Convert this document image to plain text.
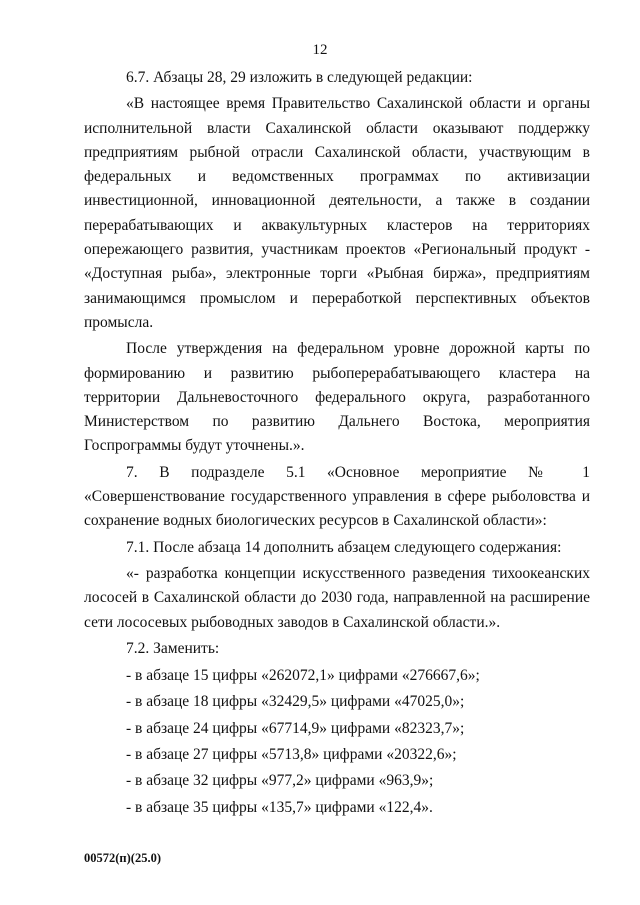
12

6.7. Абзацы 28, 29 изложить в следующей редакции:

«В настоящее время Правительство Сахалинской области и органы исполнительной власти Сахалинской области оказывают поддержку предприятиям рыбной отрасли Сахалинской области, участвующим в федеральных и ведомственных программах по активизации инвестиционной, инновационной деятельности, а также в создании перерабатывающих и аквакультурных кластеров на территориях опережающего развития, участникам проектов «Региональный продукт - «Доступная рыба», электронные торги «Рыбная биржа», предприятиям занимающимся промыслом и переработкой перспективных объектов промысла.

После утверждения на федеральном уровне дорожной карты по формированию и развитию рыбоперерабатывающего кластера на территории Дальневосточного федерального округа, разработанного Министерством по развитию Дальнего Востока, мероприятия Госпрограммы будут уточнены.».

7. В подразделе 5.1 «Основное мероприятие № 1 «Совершенствование государственного управления в сфере рыболовства и сохранение водных биологических ресурсов в Сахалинской области»:

7.1. После абзаца 14 дополнить абзацем следующего содержания:

«- разработка концепции искусственного разведения тихоокеанских лососей в Сахалинской области до 2030 года, направленной на расширение сети лососевых рыбоводных заводов в Сахалинской области.».

7.2. Заменить:

- в абзаце 15 цифры «262072,1» цифрами «276667,6»;

- в абзаце 18 цифры «32429,5» цифрами «47025,0»;

- в абзаце 24 цифры «67714,9» цифрами «82323,7»;

- в абзаце 27 цифры «5713,8» цифрами «20322,6»;

- в абзаце 32 цифры «977,2» цифрами «963,9»;

- в абзаце 35 цифры «135,7» цифрами «122,4».

00572(п)(25.0)
